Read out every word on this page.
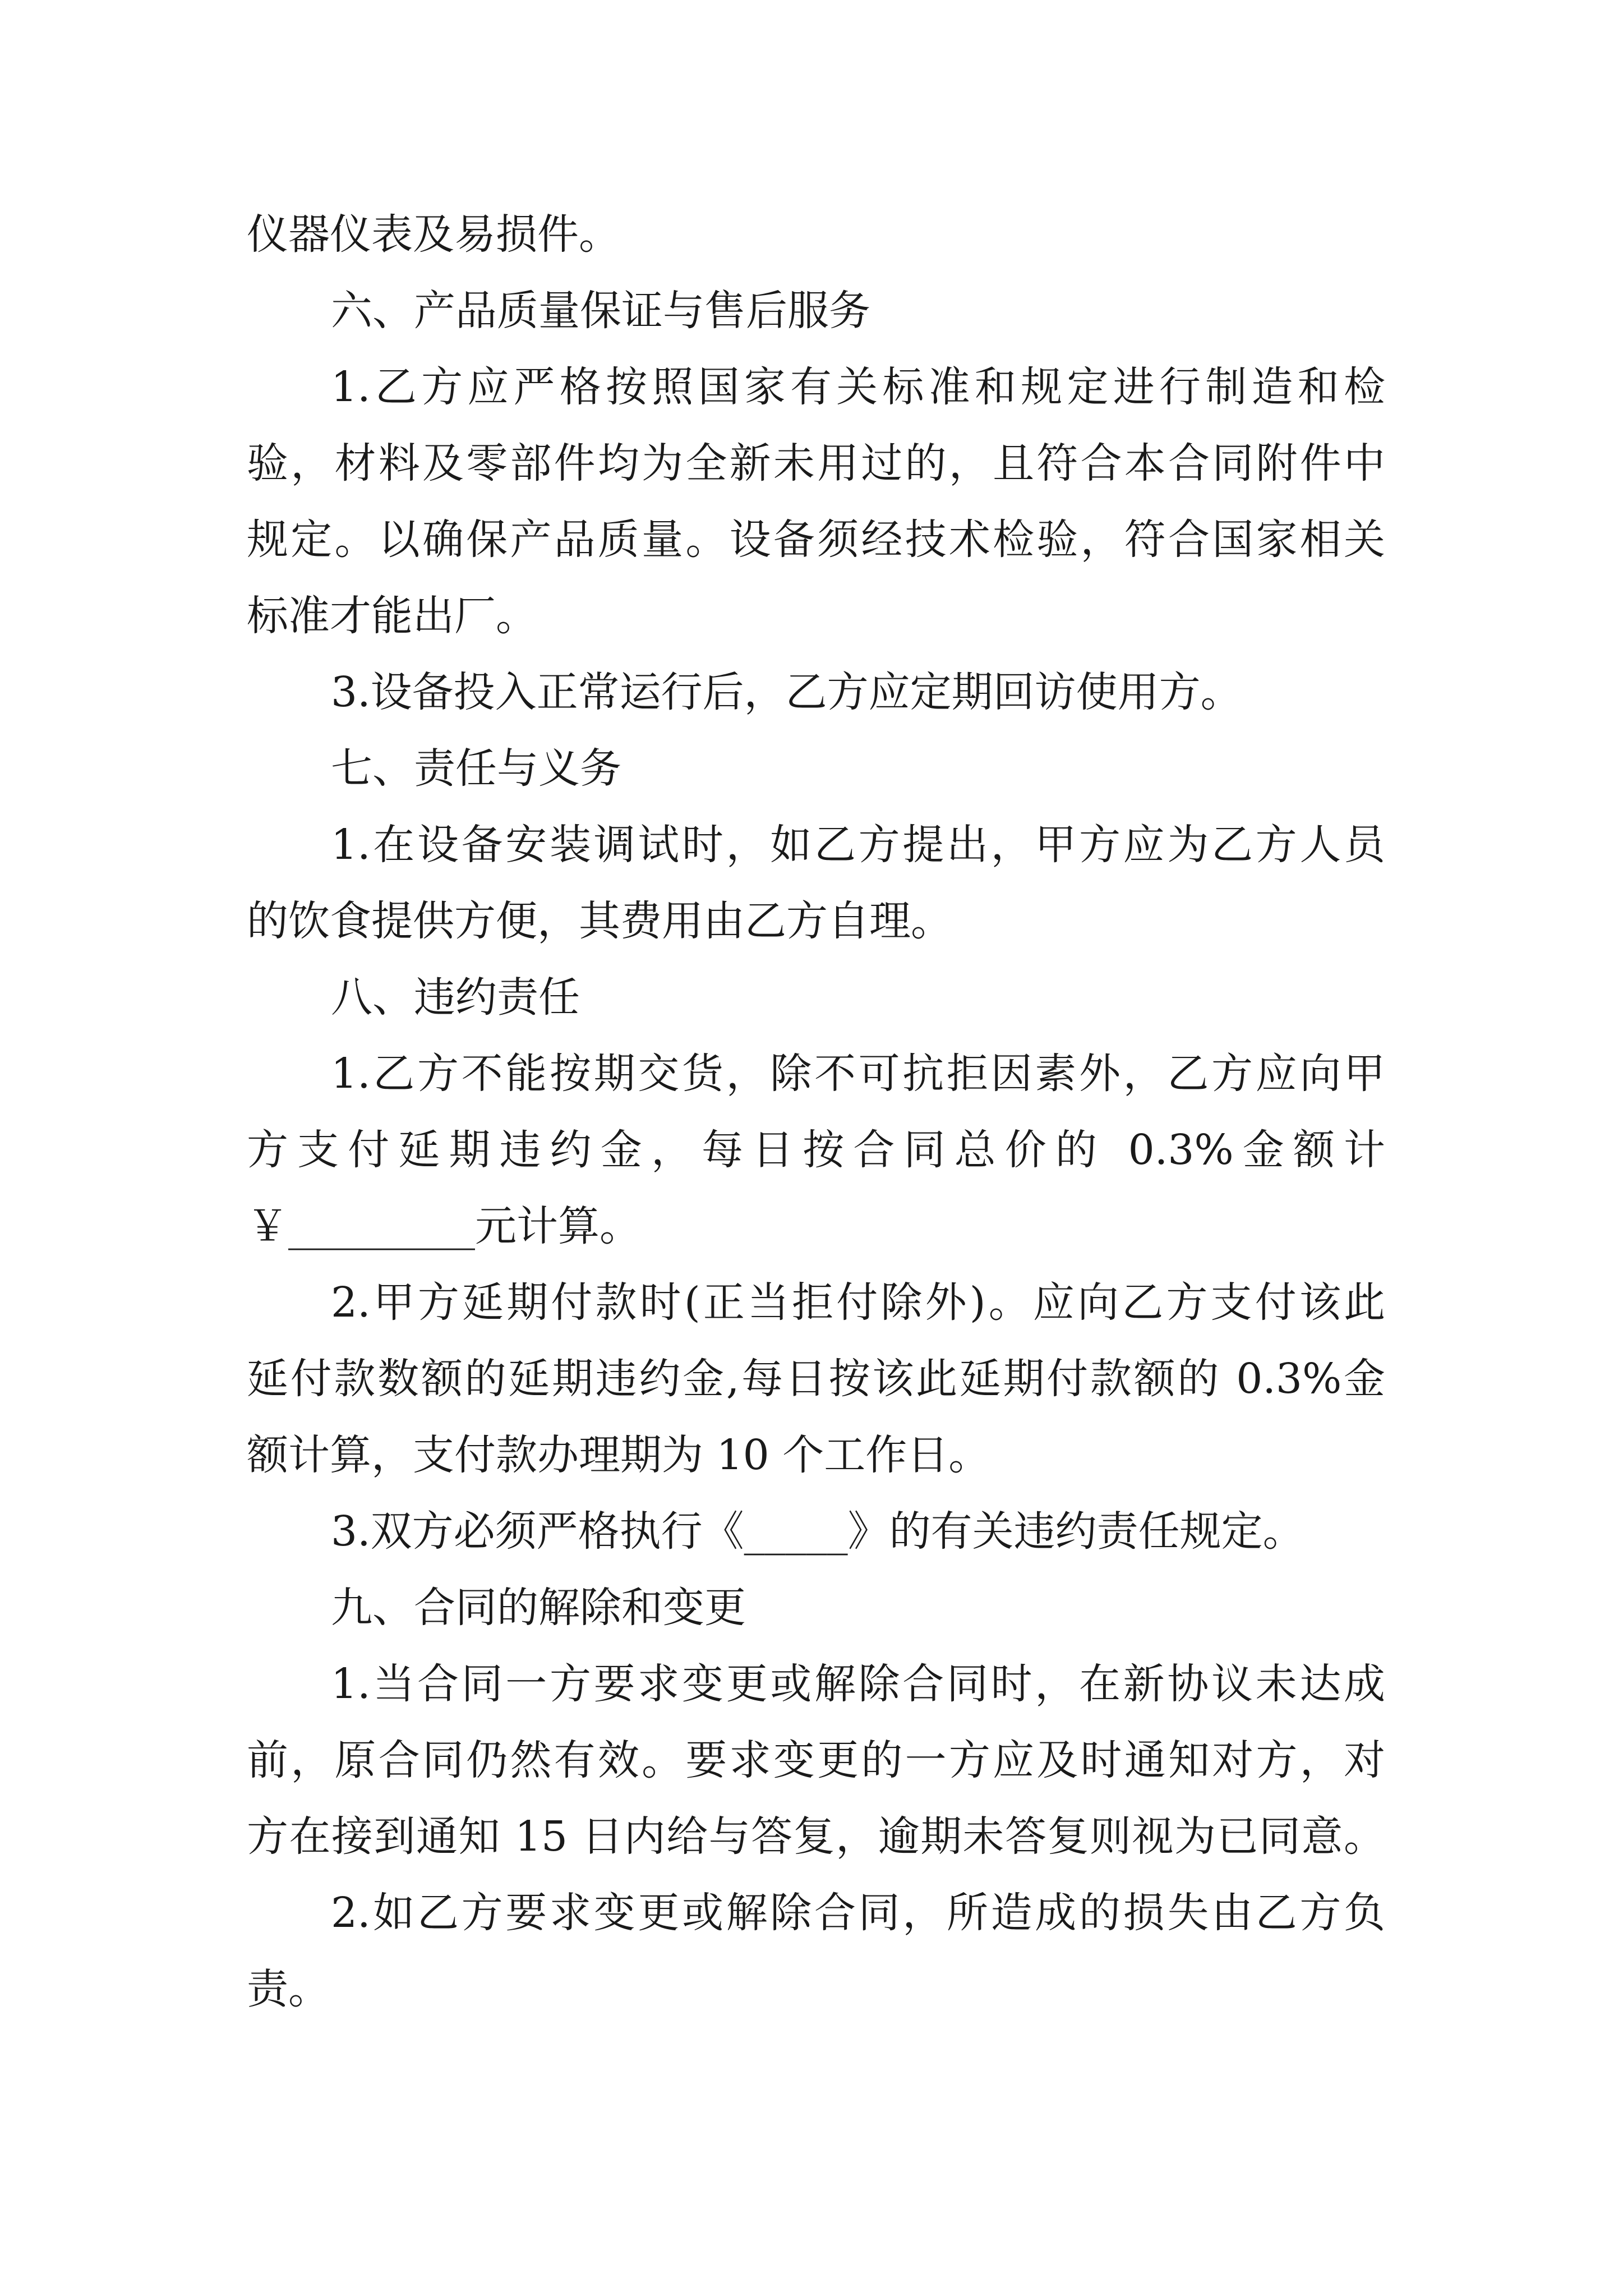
仪器仪表及易损件。
六、产品质量保证与售后服务
1.乙方应严格按照国家有关标准和规定进行制造和检
验，材料及零部件均为全新未用过的，且符合本合同附件中
规定。以确保产品质量。设备须经技术检验，符合国家相关
标准才能出厂。
3.设备投入正常运行后，乙方应定期回访使用方。
七、责任与义务
1.在设备安装调试时，如乙方提出，甲方应为乙方人员
的饮食提供方便，其费用由乙方自理。
八、违约责任
1.乙方不能按期交货，除不可抗拒因素外，乙方应向甲
方支付延期违约金，每日按合同总价的 0.3%金额计
￥_________元计算。
2.甲方延期付款时(正当拒付除外)。应向乙方支付该此
延付款数额的延期违约金,每日按该此延期付款额的 0.3%金
额计算，支付款办理期为 10 个工作日。
3.双方必须严格执行《_____》的有关违约责任规定。
九、合同的解除和变更
1.当合同一方要求变更或解除合同时，在新协议未达成
前，原合同仍然有效。要求变更的一方应及时通知对方，对
方在接到通知 15 日内给与答复，逾期未答复则视为已同意。
2.如乙方要求变更或解除合同，所造成的损失由乙方负
责。
